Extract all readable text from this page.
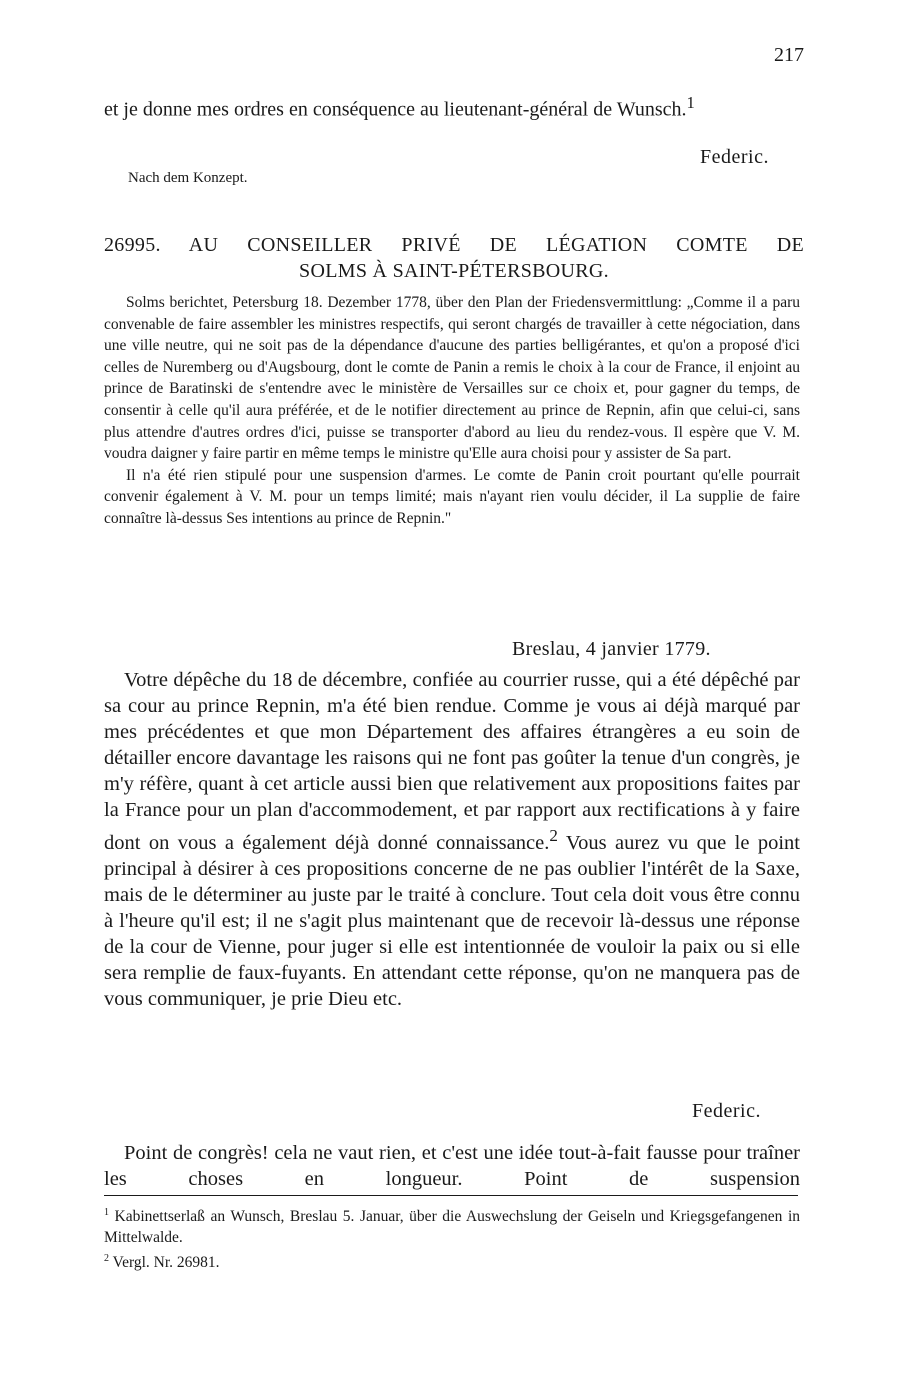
217
et je donne mes ordres en conséquence au lieutenant-général de Wunsch.$^1$
Federic.
Nach dem Konzept.
26995. AU CONSEILLER PRIVÉ DE LÉGATION COMTE DE
SOLMS À SAINT-PÉTERSBOURG.

Solms berichtet, Petersburg 18. Dezember 1778, über den Plan der Friedensvermittlung: „Comme il a paru convenable de faire assembler les ministres respectifs, qui seront chargés de travailler à cette négociation, dans une ville neutre, qui ne soit pas de la dépendance d'aucune des parties belligérantes, et qu'on a proposé d'ici celles de Nuremberg ou d'Augsbourg, dont le comte de Panin a remis le choix à la cour de France, il enjoint au prince de Baratinski de s'entendre avec le ministère de Versailles sur ce choix et, pour gagner du temps, de consentir à celle qu'il aura préférée, et de le notifier directement au prince de Repnin, afin que celui-ci, sans plus attendre d'autres ordres d'ici, puisse se transporter d'abord au lieu du rendez-vous. Il espère que V. M. voudra daigner y faire partir en même temps le ministre qu'Elle aura choisi pour y assister de Sa part.

Il n'a été rien stipulé pour une suspension d'armes. Le comte de Panin croit pourtant qu'elle pourrait convenir également à V. M. pour un temps limité; mais n'ayant rien voulu décider, il La supplie de faire connaître là-dessus Ses intentions au prince de Repnin."

Breslau, 4 janvier 1779.

Votre dépêche du 18 de décembre, confiée au courrier russe, qui a été dépêché par sa cour au prince Repnin, m'a été bien rendue. Comme je vous ai déjà marqué par mes précédentes et que mon Département des affaires étrangères a eu soin de détailler encore davantage les raisons qui ne font pas goûter la tenue d'un congrès, je m'y réfère, quant à cet article aussi bien que relativement aux propositions faites par la France pour un plan d'accommodement, et par rapport aux rectifications à y faire dont on vous a également déjà donné connaissance.$^2$ Vous aurez vu que le point principal à désirer à ces propositions concerne de ne pas oublier l'intérêt de la Saxe, mais de le déterminer au juste par le traité à conclure. Tout cela doit vous être connu à l'heure qu'il est; il ne s'agit plus maintenant que de recevoir là-dessus une réponse de la cour de Vienne, pour juger si elle est intentionnée de vouloir la paix ou si elle sera remplie de faux-fuyants. En attendant cette réponse, qu'on ne manquera pas de vous communiquer, je prie Dieu etc.

Federic.

Point de congrès! cela ne vaut rien, et c'est une idée tout-à-fait fausse pour traîner les choses en longueur. Point de suspension

$^1$ Kabinettserlaß an Wunsch, Breslau 5. Januar, über die Auswechslung der Geiseln und Kriegsgefangenen in Mittelwalde.

$^2$ Vergl. Nr. 26981.
